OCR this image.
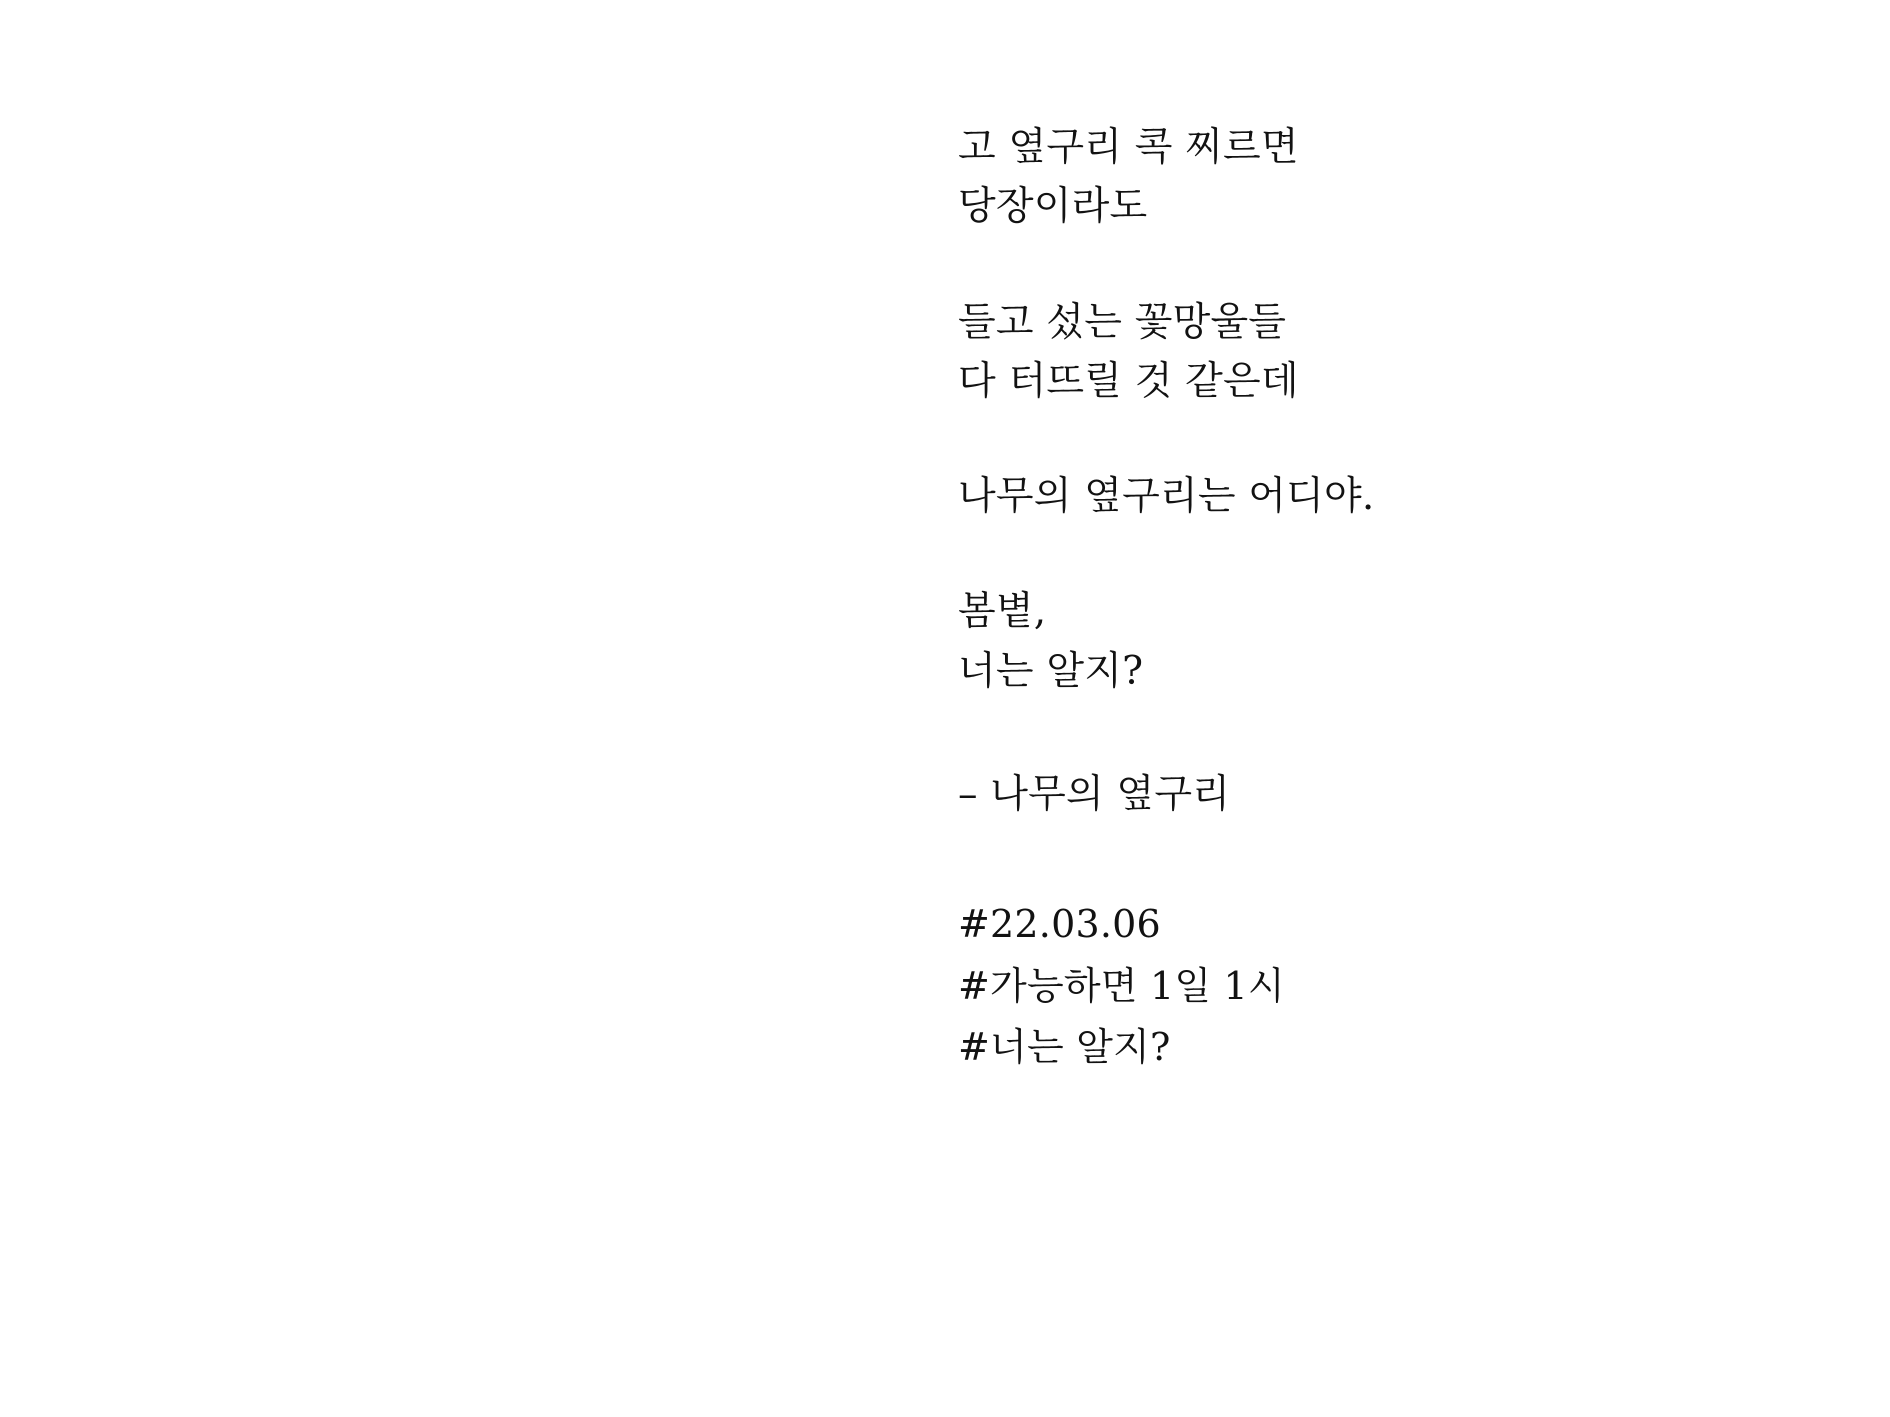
고 옆구리 콕 찌르면
당장이라도
들고 섰는 꽃망울들
다 터뜨릴 것 같은데
나무의 옆구리는 어디야.
봄볕,
너는 알지?
– 나무의 옆구리
#22.03.06
#가능하면 1일 1시
#너는 알지?
